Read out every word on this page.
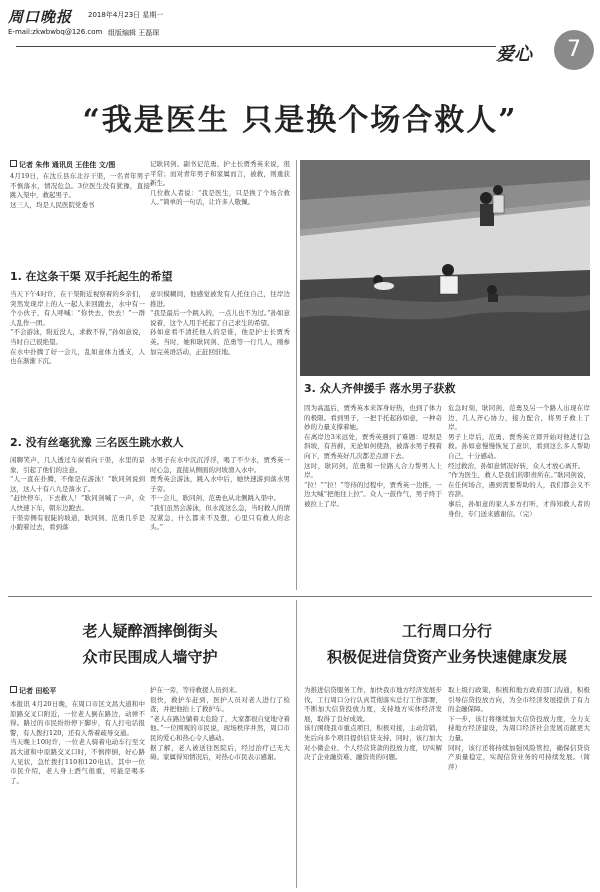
周口晚报 2018年4月23日 星期一
E-mail:zkwbwbq@126.com 组版编辑 王磊琛
爱心	7
“我是医生 只是换个场合救人”
记者 朱伟 通讯员 王佳佳 文/图
4月19日，在沈丘县东北谷干渠，一名青年男子不慎落水，情况危急。3位医生没有犹豫，直接跳入渠中，救起男子。
这三人，均是人民医院党委书
记耿同剑、副书记范勇、护士长贾秀英来说，很平常；而对青年男子和家属而言，被救，则重获新生。
几位救人者说：“我是医生，只是换了个场合救人。”简单的一句话，让许多人敬佩。
1. 在这条干渠 双手托起生的希望
当天下午4时许，在干渠附近视察着的乡亲们，突然发现岸上的人一起人来回跑去，水中有一个小伙子，有人呼喊：“你快去，快去！”一群人乱作一团。
“不会游泳，附近没人，求救不得，”孙如意说，当时自己很绝望。
在水中扑腾了好一会儿，乱如意体力透支，人也在渐渐下沉。
意识模糊间，他感觉被发有人托住自己，往岸边推进。
“我是最后一个跳入的，一点儿也不为过。”孙如意说着，这个人用手托起了自己求生的希望。
孙如意看不清托他人的是谁，他是护士长贾秀英。当时，她和耿同剑、范勇等一行几人，刚参加完英语活动，正赶回驻地。
2. 没有丝毫犹豫 三名医生跳水救人
闲聊笑声，几人透过车窗看向干渠，水里的景象，引起了他们的注意。
“人一直在扑腾，不像是在游泳！”耿同剑说到这，这人十有八九是落水了。
“赶快停车，下去救人！”耿同剑喊了一声，众人快速下车，朝东边跑去。
干渠旁侧有很陡的坡道，耿同剑、范勇几乎是小跑着过去，看到落
水男子在水中沉沉浮浮，喝了不少水，贾秀英一时心急，直接从侧面的河坡滑入水中。
贾秀英会游泳，跳入水中后，她快速游到落水男子旁。
不一会儿，耿同剑、范勇也从北侧跳入渠中。
“我们虽然会游泳，但水流这么急，当时救人的情况紧急，什么都来不及想，心里只有救人的念头。”
3. 众人齐伸援手 落水男子获救
因为高温后，贾秀英本来浑身好热，也到了体力的极限。看到男子，一把手托起孙如意，一种奇妙的力量支撑着她。
在离岸边3米远处，贾秀英遇到了难题：堤坝是斜坡，有苔藓，无论如何使劲，被落水男子拽着向下，贾秀英好几次都差点滑下去。
这时，耿同剑、范勇和一位路人合力帮男人上岸。
“拉！”“拉！”等待的过程中，贾秀英一边推，一边大喊“把他往上拉”。众人一鼓作气，男子终于被拉上了岸。
危急时刻，耿同剑、范勇及另一个路人出现在岸边，几人齐心协力，接力配合，将男子救上了岸。
男子上岸后，范勇、贾秀英立即开始对他进行急救。孙如意慢慢恢复了意识，看到这么多人帮助自己，十分感动。
经过救治，孙如意情况好转，众人才放心离开。
“作为医生，救人是我们的职责所在。”耿同剑说，在任何场合，遇到需要帮助的人，我们都会义不容辞。
事后，孙如意的家人多方打听，才得知救人者的身份，专门送来感谢信。（完）
老人疑醉酒摔倒街头
众市民围成人墙守护
记者 田松平
本报讯 4月20日晚，在周口市区文昌大道和中原路交叉口附近，一位老人倒在路边，动弹不得。路过的市民纷纷停下脚步，有人打电话报警，有人拨打120，还有人帮着疏导交通。
当天晚上10时许，一位老人骑着电动车行至文昌大道和中原路交叉口时，不慎摔倒，好心路人见状，急忙拨打110和120电话。其中一位市民介绍，老人身上酒气很重，可能是喝多了。
护在一旁，等待救援人员到来。
很快，救护车赶到，医护人员对老人进行了检查，并把他抬上了救护车。
“老人在路边躺着太危险了，大家都很自觉地守着他。”一位围观的市民说，现场秩序井然，周口市民的爱心和热心令人感动。
据了解，老人被送往医院后，经过治疗已无大碍。家属得知情况后，对热心市民表示感谢。
工行周口分行
积极促进信贷资产业务快速健康发展
为推进信贷服务工作，加快我市地方经济发展步伐，工行周口分行认真贯彻落实总行工作部署，不断加大信贷投放力度，支持地方实体经济发展，取得了良好成效。
该行围绕我市重点项目，积极对接，主动营销，先后向多个项目提供信贷支持，同时，该行加大对小微企业、个人经营贷款的投放力度，切实解决了企业融资难、融资贵的问题。
取上级行政策，积极和地方政府部门沟通，积极引导信贷投放方向，为全市经济发展提供了有力的金融保障。
下一步，该行将继续加大信贷投放力度，全力支持地方经济建设，为周口经济社会发展贡献更大力量。
同时，该行还将持续加强风险管控，确保信贷资产质量稳定，实现信贷业务的可持续发展。（简萍）
